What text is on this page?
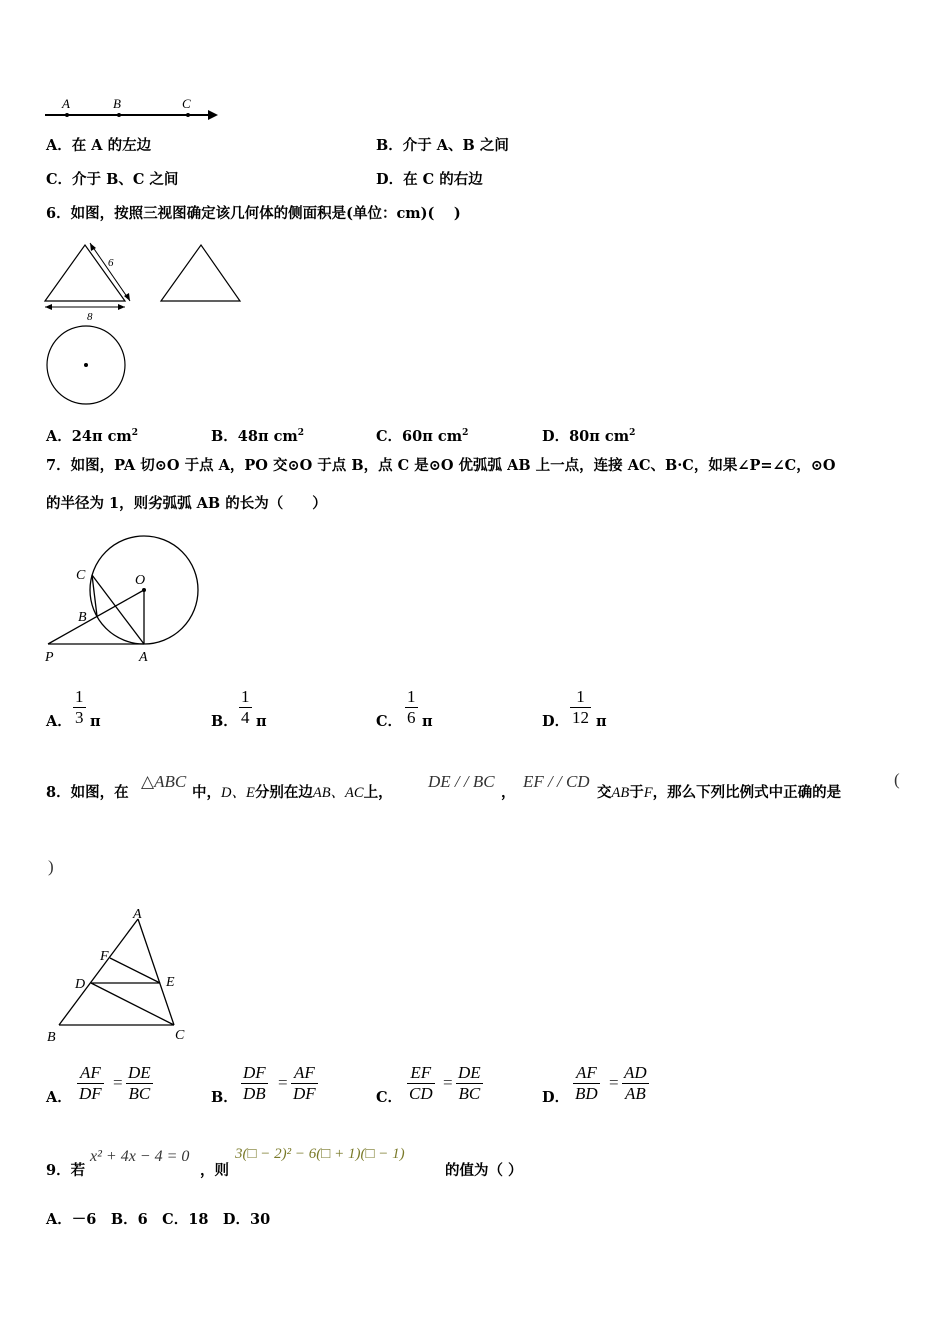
A	B	C
A．在 A 的左边	B．介于 A、B 之间
C．介于 B、C 之间	D．在 C 的右边
6．如图，按照三视图确定该几何体的侧面积是(单位：cm)(　 )
6
8
A．24π $cm^2$	B．48π $cm^2$	C．60π $cm^2$	D．80π $cm^2$
7．如图，PA 切⊙O 于点 A，PO 交⊙O 于点 B，点 C 是⊙O 优弧弧 AB 上一点，连接 AC、B·C，如果∠P=∠C，⊙O
的半径为 1，则劣弧弧 AB 的长为（　　）
C	O
B
P	A
A． $\frac{1}{3}$ π	B． $\frac{1}{4}$ π	C． $\frac{1}{6}$ π	D． $\frac{1}{12}$ π
8．如图，在
△ABC
中，D、E分别在边AB、AC上，
DE / / BC
，
EF / / CD
交AB于F，那么下列比例式中正确的是
(
)
A
F
D	E
B	C
A． $\frac{AF}{DF} = \frac{DE}{BC}$	B． $\frac{DF}{DB} = \frac{AF}{DF}$	C． $\frac{EF}{CD} = \frac{DE}{BC}$	D． $\frac{AF}{BD} = \frac{AD}{AB}$
9．若
x² + 4x − 4 = 0
，则
3(□ − 2)² − 6(□ + 1)(□ − 1)
的值为（ ）
A．－6　B．6　C．18　D．30
